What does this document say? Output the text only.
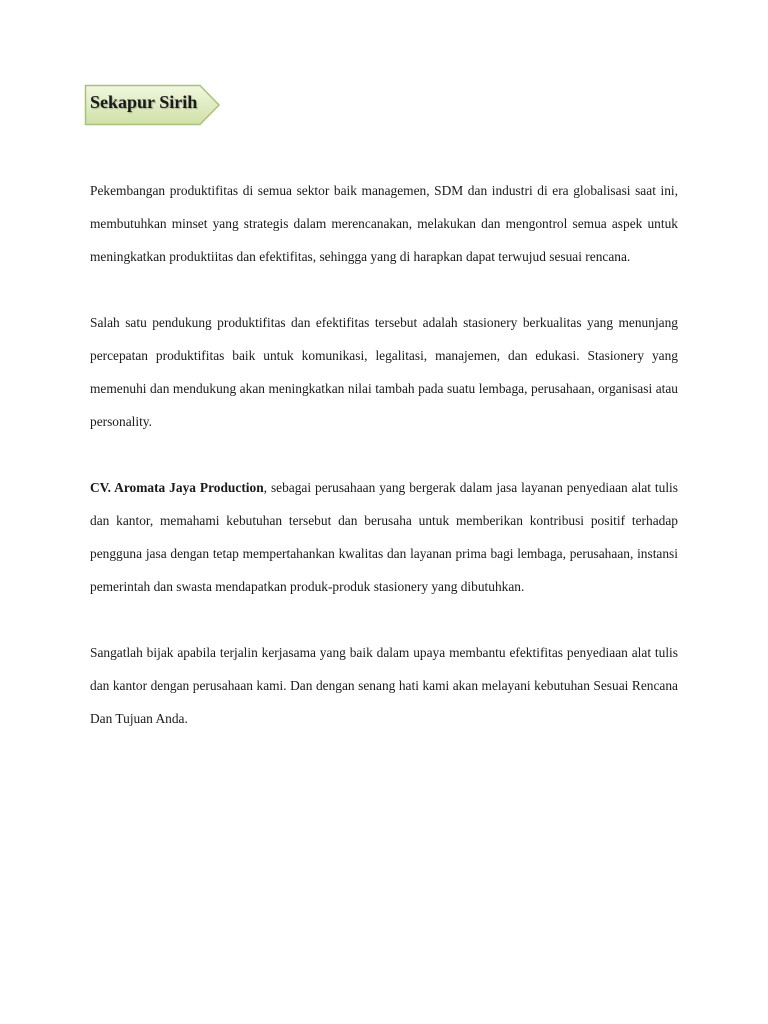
Sekapur Sirih

Pekembangan produktifitas di semua sektor baik managemen, SDM dan industri di era globalisasi saat ini, membutuhkan minset yang strategis dalam merencanakan, melakukan dan mengontrol semua aspek untuk meningkatkan produktiitas dan efektifitas, sehingga yang di harapkan dapat terwujud sesuai rencana.

Salah satu pendukung produktifitas dan efektifitas tersebut adalah stasionery berkualitas yang menunjang percepatan produktifitas baik untuk komunikasi, legalitasi, manajemen, dan edukasi. Stasionery yang memenuhi dan mendukung akan meningkatkan nilai tambah pada suatu lembaga, perusahaan, organisasi atau personality.

CV. Aromata Jaya Production, sebagai perusahaan yang bergerak dalam jasa layanan penyediaan alat tulis dan kantor, memahami kebutuhan tersebut dan berusaha untuk memberikan kontribusi positif terhadap pengguna jasa dengan tetap mempertahankan kwalitas dan layanan prima bagi lembaga, perusahaan, instansi pemerintah dan swasta mendapatkan produk-produk stasionery yang dibutuhkan.

Sangatlah bijak apabila terjalin kerjasama yang baik dalam upaya membantu efektifitas penyediaan alat tulis dan kantor dengan perusahaan kami. Dan dengan senang hati kami akan melayani kebutuhan Sesuai Rencana Dan Tujuan Anda.
